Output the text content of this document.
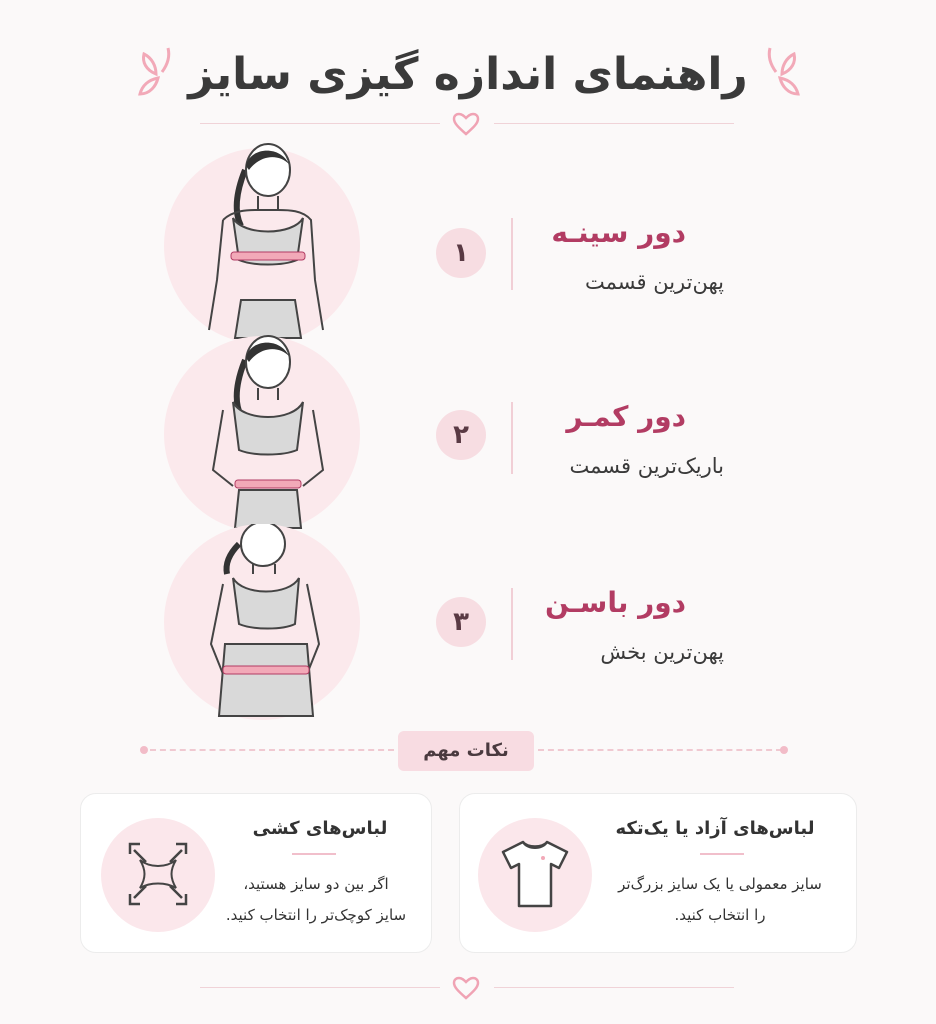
راهنمای اندازه گیزی سایز
۱
دور سینـه
پهن‌ترین قسمت
۲
دور کمـر
باریک‌ترین قسمت
۳
دور باسـن
پهن‌ترین بخش
نکات مهم
لباس‌های آزاد یا یک‌تکه
سایز معمولی یا یک سایز بزرگ‌تر
را انتخاب کنید.
لباس‌های کشی
اگر بین دو سایز هستید،
سایز کوچک‌تر را انتخاب کنید.
